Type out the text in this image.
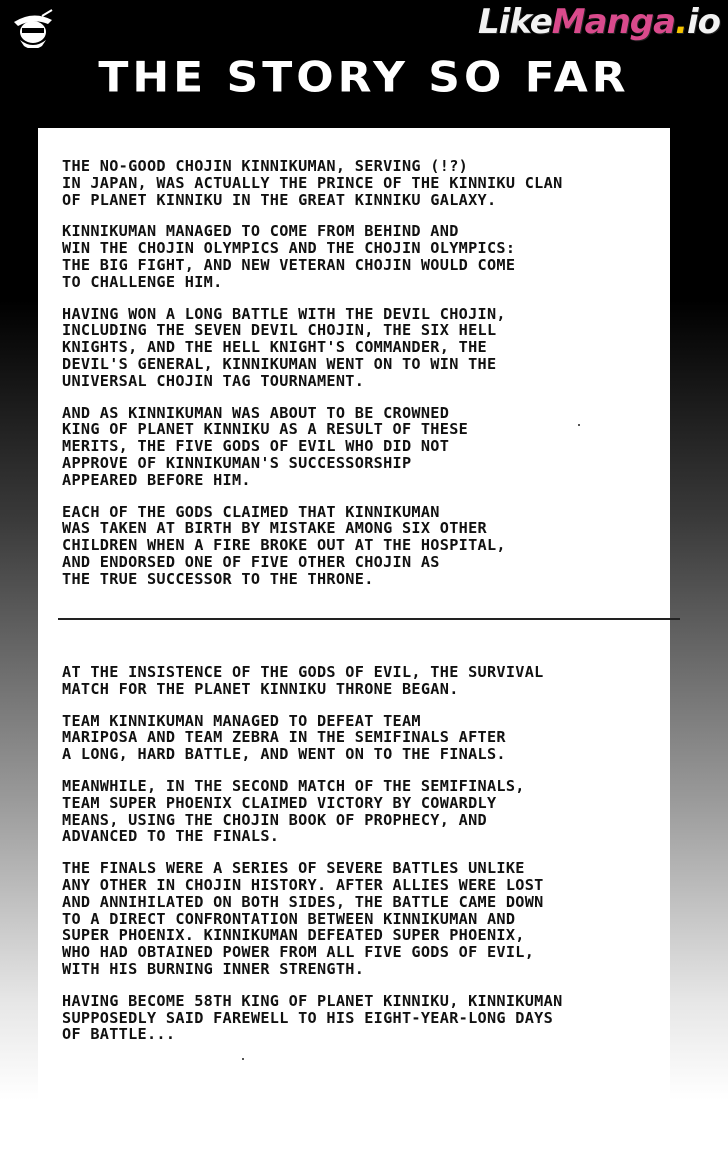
LikeManga.io
THE STORY SO FAR

THE NO-GOOD CHOJIN KINNIKUMAN, SERVING (!?)
IN JAPAN, WAS ACTUALLY THE PRINCE OF THE KINNIKU CLAN
OF PLANET KINNIKU IN THE GREAT KINNIKU GALAXY.

KINNIKUMAN MANAGED TO COME FROM BEHIND AND
WIN THE CHOJIN OLYMPICS AND THE CHOJIN OLYMPICS:
THE BIG FIGHT, AND NEW VETERAN CHOJIN WOULD COME
TO CHALLENGE HIM.

HAVING WON A LONG BATTLE WITH THE DEVIL CHOJIN,
INCLUDING THE SEVEN DEVIL CHOJIN, THE SIX HELL
KNIGHTS, AND THE HELL KNIGHT'S COMMANDER, THE
DEVIL'S GENERAL, KINNIKUMAN WENT ON TO WIN THE
UNIVERSAL CHOJIN TAG TOURNAMENT.

AND AS KINNIKUMAN WAS ABOUT TO BE CROWNED
KING OF PLANET KINNIKU AS A RESULT OF THESE
MERITS, THE FIVE GODS OF EVIL WHO DID NOT
APPROVE OF KINNIKUMAN'S SUCCESSORSHIP
APPEARED BEFORE HIM.

EACH OF THE GODS CLAIMED THAT KINNIKUMAN
WAS TAKEN AT BIRTH BY MISTAKE AMONG SIX OTHER
CHILDREN WHEN A FIRE BROKE OUT AT THE HOSPITAL,
AND ENDORSED ONE OF FIVE OTHER CHOJIN AS
THE TRUE SUCCESSOR TO THE THRONE.

AT THE INSISTENCE OF THE GODS OF EVIL, THE SURVIVAL
MATCH FOR THE PLANET KINNIKU THRONE BEGAN.

TEAM KINNIKUMAN MANAGED TO DEFEAT TEAM
MARIPOSA AND TEAM ZEBRA IN THE SEMIFINALS AFTER
A LONG, HARD BATTLE, AND WENT ON TO THE FINALS.

MEANWHILE, IN THE SECOND MATCH OF THE SEMIFINALS,
TEAM SUPER PHOENIX CLAIMED VICTORY BY COWARDLY
MEANS, USING THE CHOJIN BOOK OF PROPHECY, AND
ADVANCED TO THE FINALS.

THE FINALS WERE A SERIES OF SEVERE BATTLES UNLIKE
ANY OTHER IN CHOJIN HISTORY. AFTER ALLIES WERE LOST
AND ANNIHILATED ON BOTH SIDES, THE BATTLE CAME DOWN
TO A DIRECT CONFRONTATION BETWEEN KINNIKUMAN AND
SUPER PHOENIX. KINNIKUMAN DEFEATED SUPER PHOENIX,
WHO HAD OBTAINED POWER FROM ALL FIVE GODS OF EVIL,
WITH HIS BURNING INNER STRENGTH.

HAVING BECOME 58TH KING OF PLANET KINNIKU, KINNIKUMAN
SUPPOSEDLY SAID FAREWELL TO HIS EIGHT-YEAR-LONG DAYS
OF BATTLE...
